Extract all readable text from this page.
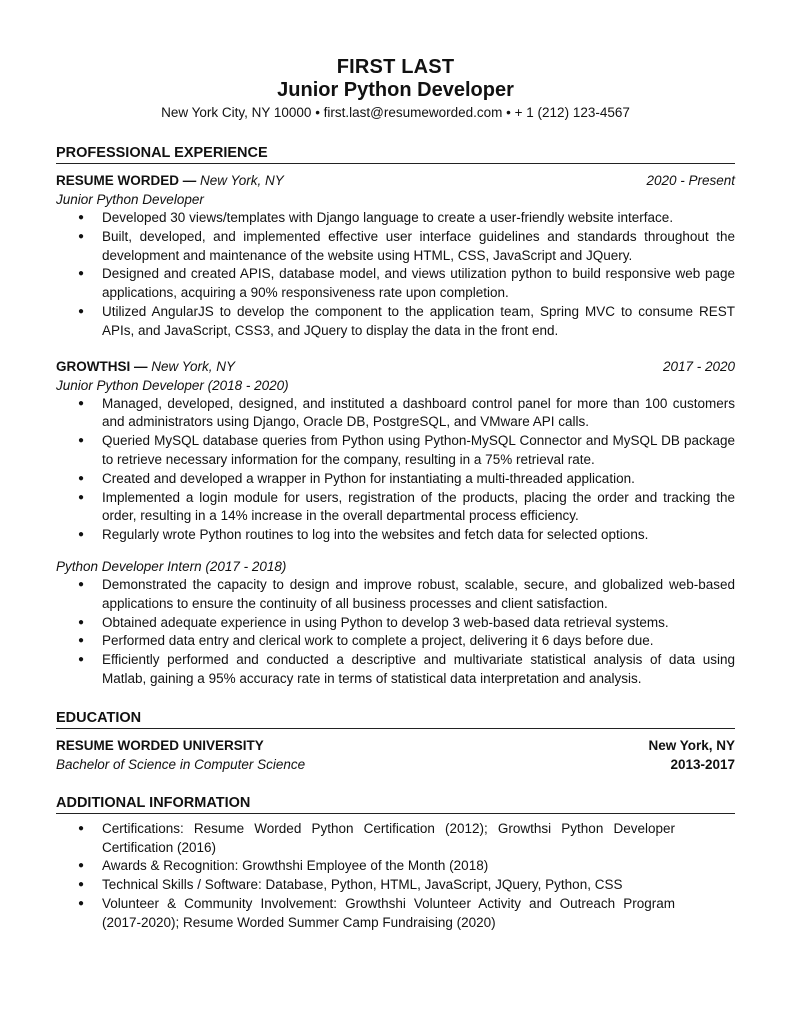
FIRST LAST
Junior Python Developer
New York City, NY 10000 • first.last@resumeworded.com • + 1 (212) 123-4567
PROFESSIONAL EXPERIENCE
RESUME WORDED — New York, NY	2020 - Present
Junior Python Developer
● Developed 30 views/templates with Django language to create a user-friendly website interface.
● Built, developed, and implemented effective user interface guidelines and standards throughout the development and maintenance of the website using HTML, CSS, JavaScript and JQuery.
● Designed and created APIS, database model, and views utilization python to build responsive web page applications, acquiring a 90% responsiveness rate upon completion.
● Utilized AngularJS to develop the component to the application team, Spring MVC to consume REST APIs, and JavaScript, CSS3, and JQuery to display the data in the front end.
GROWTHSI — New York, NY	2017 - 2020
Junior Python Developer (2018 - 2020)
● Managed, developed, designed, and instituted a dashboard control panel for more than 100 customers and administrators using Django, Oracle DB, PostgreSQL, and VMware API calls.
● Queried MySQL database queries from Python using Python-MySQL Connector and MySQL DB package to retrieve necessary information for the company, resulting in a 75% retrieval rate.
● Created and developed a wrapper in Python for instantiating a multi-threaded application.
● Implemented a login module for users, registration of the products, placing the order and tracking the order, resulting in a 14% increase in the overall departmental process efficiency.
● Regularly wrote Python routines to log into the websites and fetch data for selected options.
Python Developer Intern (2017 - 2018)
● Demonstrated the capacity to design and improve robust, scalable, secure, and globalized web-based applications to ensure the continuity of all business processes and client satisfaction.
● Obtained adequate experience in using Python to develop 3 web-based data retrieval systems.
● Performed data entry and clerical work to complete a project, delivering it 6 days before due.
● Efficiently performed and conducted a descriptive and multivariate statistical analysis of data using Matlab, gaining a 95% accuracy rate in terms of statistical data interpretation and analysis.
EDUCATION
RESUME WORDED UNIVERSITY	New York, NY
Bachelor of Science in Computer Science	2013-2017
ADDITIONAL INFORMATION
● Certifications: Resume Worded Python Certification (2012); Growthsi Python Developer Certification (2016)
● Awards & Recognition: Growthshi Employee of the Month (2018)
● Technical Skills / Software: Database, Python, HTML, JavaScript, JQuery, Python, CSS
● Volunteer & Community Involvement: Growthshi Volunteer Activity and Outreach Program (2017-2020); Resume Worded Summer Camp Fundraising (2020)
